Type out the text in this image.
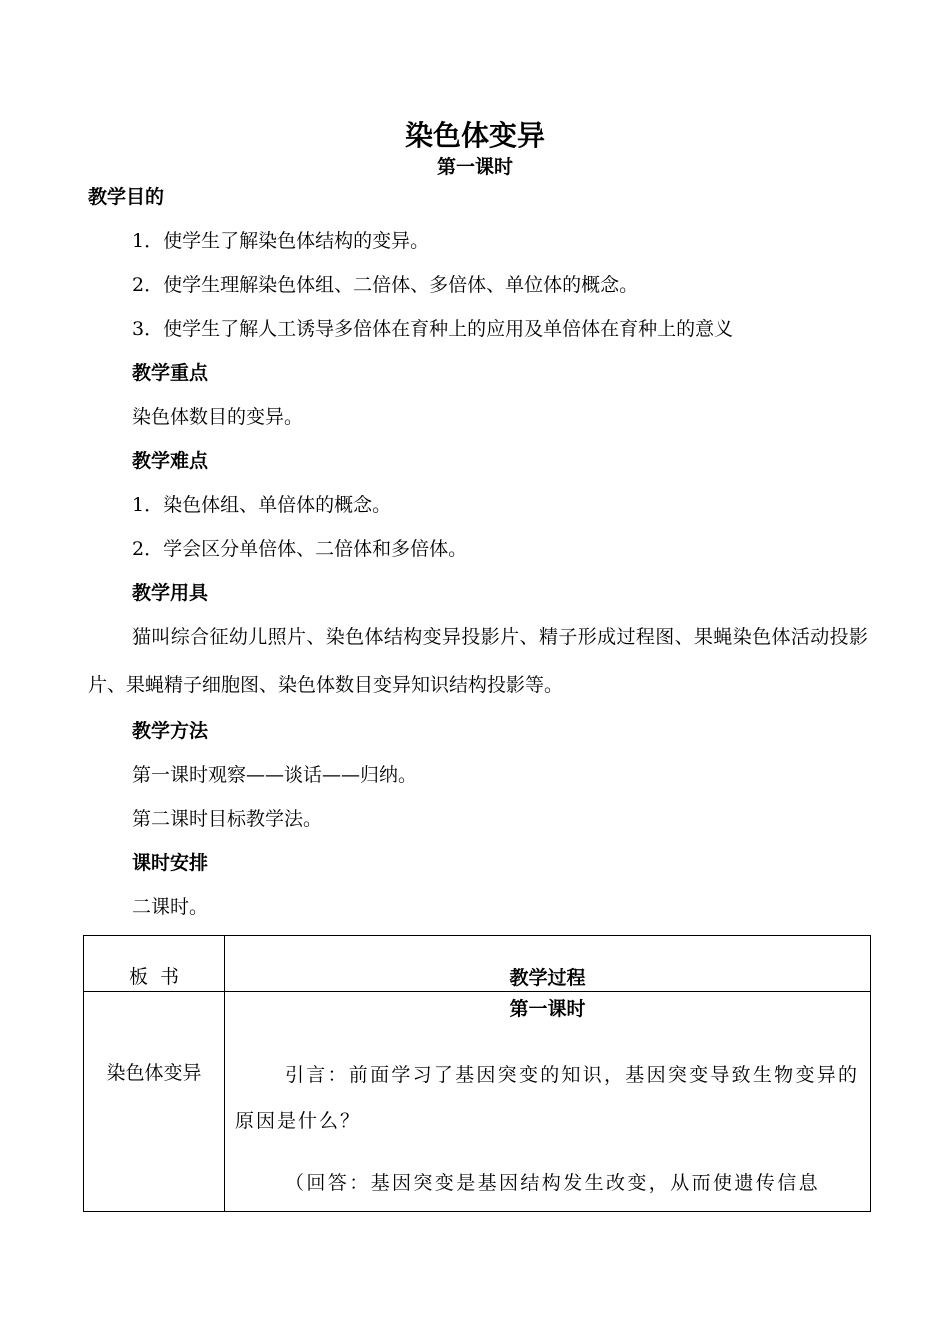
染色体变异
第一课时
教学目的
1．使学生了解染色体结构的变异。
2．使学生理解染色体组、二倍体、多倍体、单位体的概念。
3．使学生了解人工诱导多倍体在育种上的应用及单倍体在育种上的意义
教学重点
染色体数目的变异。
教学难点
1．染色体组、单倍体的概念。
2．学会区分单倍体、二倍体和多倍体。
教学用具
猫叫综合征幼儿照片、染色体结构变异投影片、精子形成过程图、果蝇染色体活动投影片、果蝇精子细胞图、染色体数目变异知识结构投影等。
教学方法
第一课时观察——谈话——归纳。
第二课时目标教学法。
课时安排
二课时。
板  书	教学过程

染色体变异	第一课时
引言：前面学习了基因突变的知识，基因突变导致生物变异的原因是什么？
（回答：基因突变是基因结构发生改变，从而使遗传信息
